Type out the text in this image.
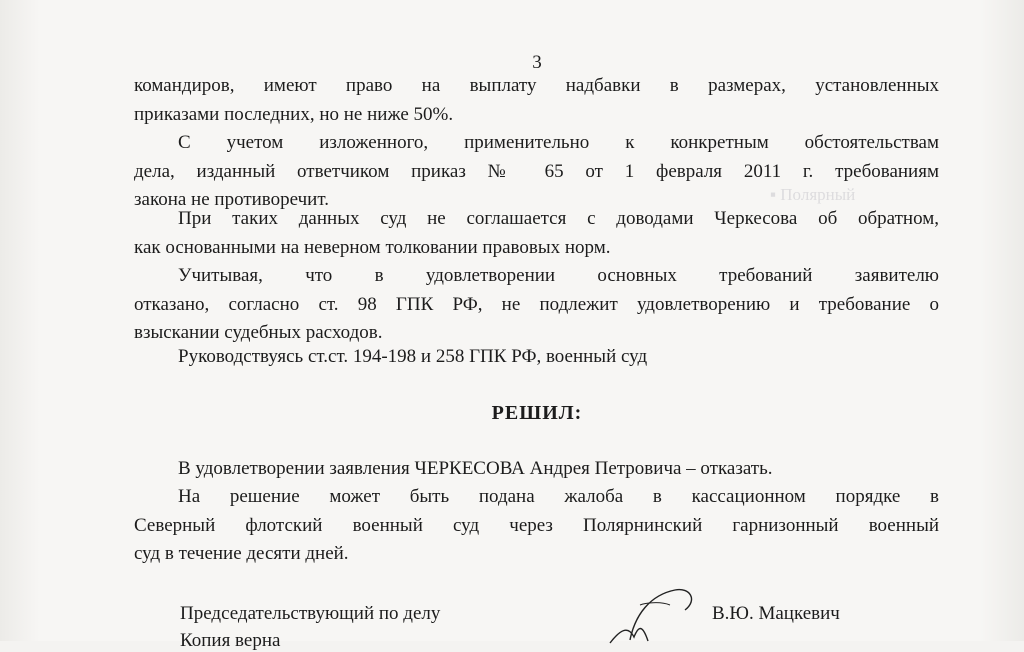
▪ Полярный
3
командиров, имеют право на выплату надбавки в размерах, установленных
приказами последних, но не ниже 50%.
С учетом изложенного, применительно к конкретным обстоятельствам
дела, изданный ответчиком приказ № 65 от 1 февраля 2011 г. требованиям
закона не противоречит.
При таких данных суд не соглашается с доводами Черкесова об обратном,
как основанными на неверном толковании правовых норм.
Учитывая, что в удовлетворении основных требований заявителю
отказано, согласно ст. 98 ГПК РФ, не подлежит удовлетворению и требование о
взыскании судебных расходов.
Руководствуясь ст.ст. 194-198 и 258 ГПК РФ, военный суд
РЕШИЛ:
В удовлетворении заявления ЧЕРКЕСОВА Андрея Петровича – отказать.
На решение может быть подана жалоба в кассационном порядке в
Северный флотский военный суд через Полярнинский гарнизонный военный
суд в течение десяти дней.
Председательствующий по делу	В.Ю. Мацкевич
Копия верна
